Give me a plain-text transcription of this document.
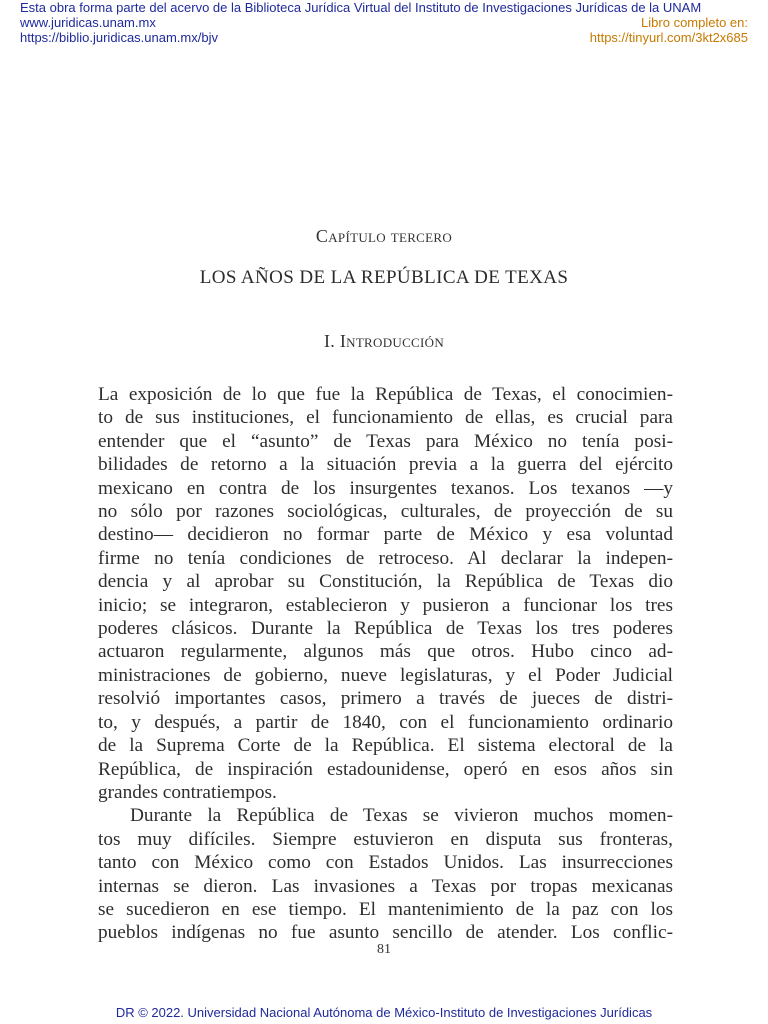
Esta obra forma parte del acervo de la Biblioteca Jurídica Virtual del Instituto de Investigaciones Jurídicas de la UNAM
www.juridicas.unam.mx
https://biblio.juridicas.unam.mx/bjv
Libro completo en:
https://tinyurl.com/3kt2x685
Capítulo tercero
LOS AÑOS DE LA REPÚBLICA DE TEXAS
I. Introducción
La exposición de lo que fue la República de Texas, el conocimien-
to de sus instituciones, el funcionamiento de ellas, es crucial para
entender que el “asunto” de Texas para México no tenía posi-
bilidades de retorno a la situación previa a la guerra del ejército
mexicano en contra de los insurgentes texanos. Los texanos —y
no sólo por razones sociológicas, culturales, de proyección de su
destino— decidieron no formar parte de México y esa voluntad
firme no tenía condiciones de retroceso. Al declarar la indepen-
dencia y al aprobar su Constitución, la República de Texas dio
inicio; se integraron, establecieron y pusieron a funcionar los tres
poderes clásicos. Durante la República de Texas los tres poderes
actuaron regularmente, algunos más que otros. Hubo cinco ad-
ministraciones de gobierno, nueve legislaturas, y el Poder Judicial
resolvió importantes casos, primero a través de jueces de distri-
to, y después, a partir de 1840, con el funcionamiento ordinario
de la Suprema Corte de la República. El sistema electoral de la
República, de inspiración estadounidense, operó en esos años sin
grandes contratiempos.
Durante la República de Texas se vivieron muchos momen-
tos muy difíciles. Siempre estuvieron en disputa sus fronteras,
tanto con México como con Estados Unidos. Las insurrecciones
internas se dieron. Las invasiones a Texas por tropas mexicanas
se sucedieron en ese tiempo. El mantenimiento de la paz con los
pueblos indígenas no fue asunto sencillo de atender. Los conflic-
81
DR © 2022. Universidad Nacional Autónoma de México-Instituto de Investigaciones Jurídicas
